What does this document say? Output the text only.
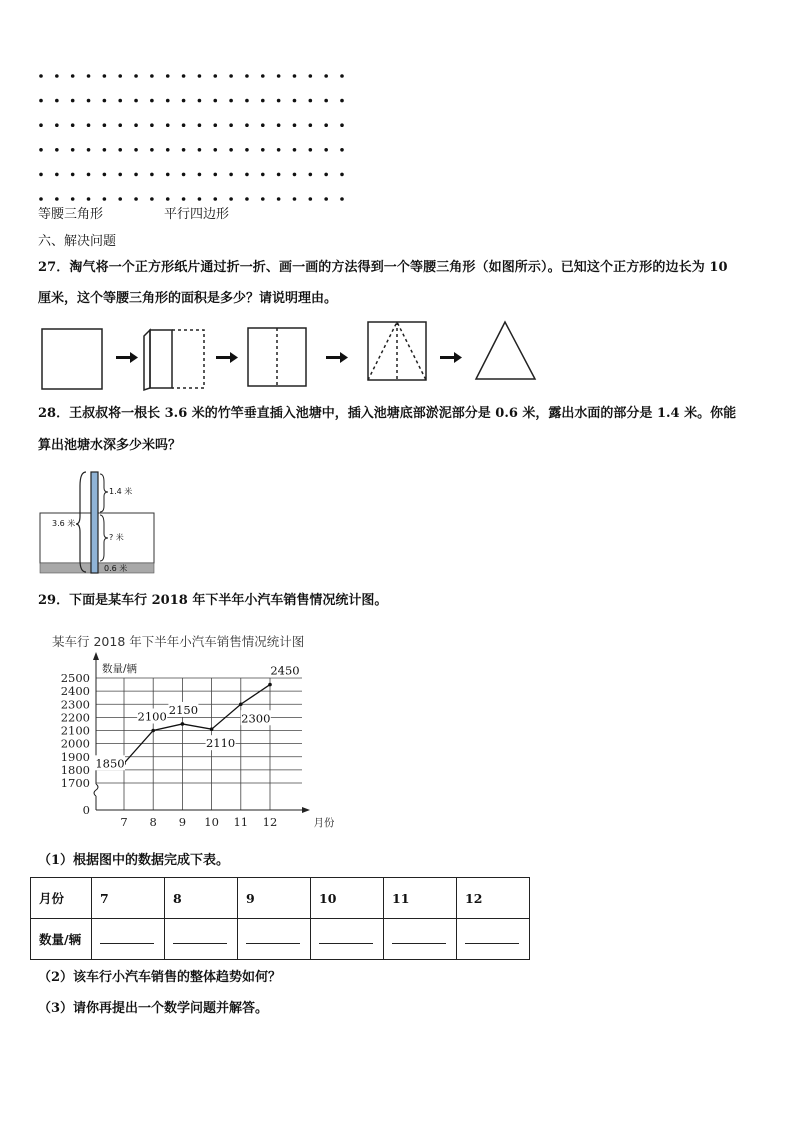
等腰三角形	平行四边形
六、解决问题
27．淘气将一个正方形纸片通过折一折、画一画的方法得到一个等腰三角形（如图所示）。已知这个正方形的边长为 10
厘米，这个等腰三角形的面积是多少？请说明理由。
28．王叔叔将一根长 3.6 米的竹竿垂直插入池塘中，插入池塘底部淤泥部分是 0.6 米，露出水面的部分是 1.4 米。你能
算出池塘水深多少米吗？
1.4 米
3.6 米
? 米
0.6 米
29．下面是某车行 2018 年下半年小汽车销售情况统计图。
某车行 2018 年下半年小汽车销售情况统计图
0
1700
1800
1900
2000
2100
2200
2300
2400
2500
7 8 9 10 11 12	月份
数量/辆
1850
2100 2150
2110
2300
2450
（1）根据图中的数据完成下表。
月份	7	8	9	10	11	12
数量/辆						
（2）该车行小汽车销售的整体趋势如何？
（3）请你再提出一个数学问题并解答。
